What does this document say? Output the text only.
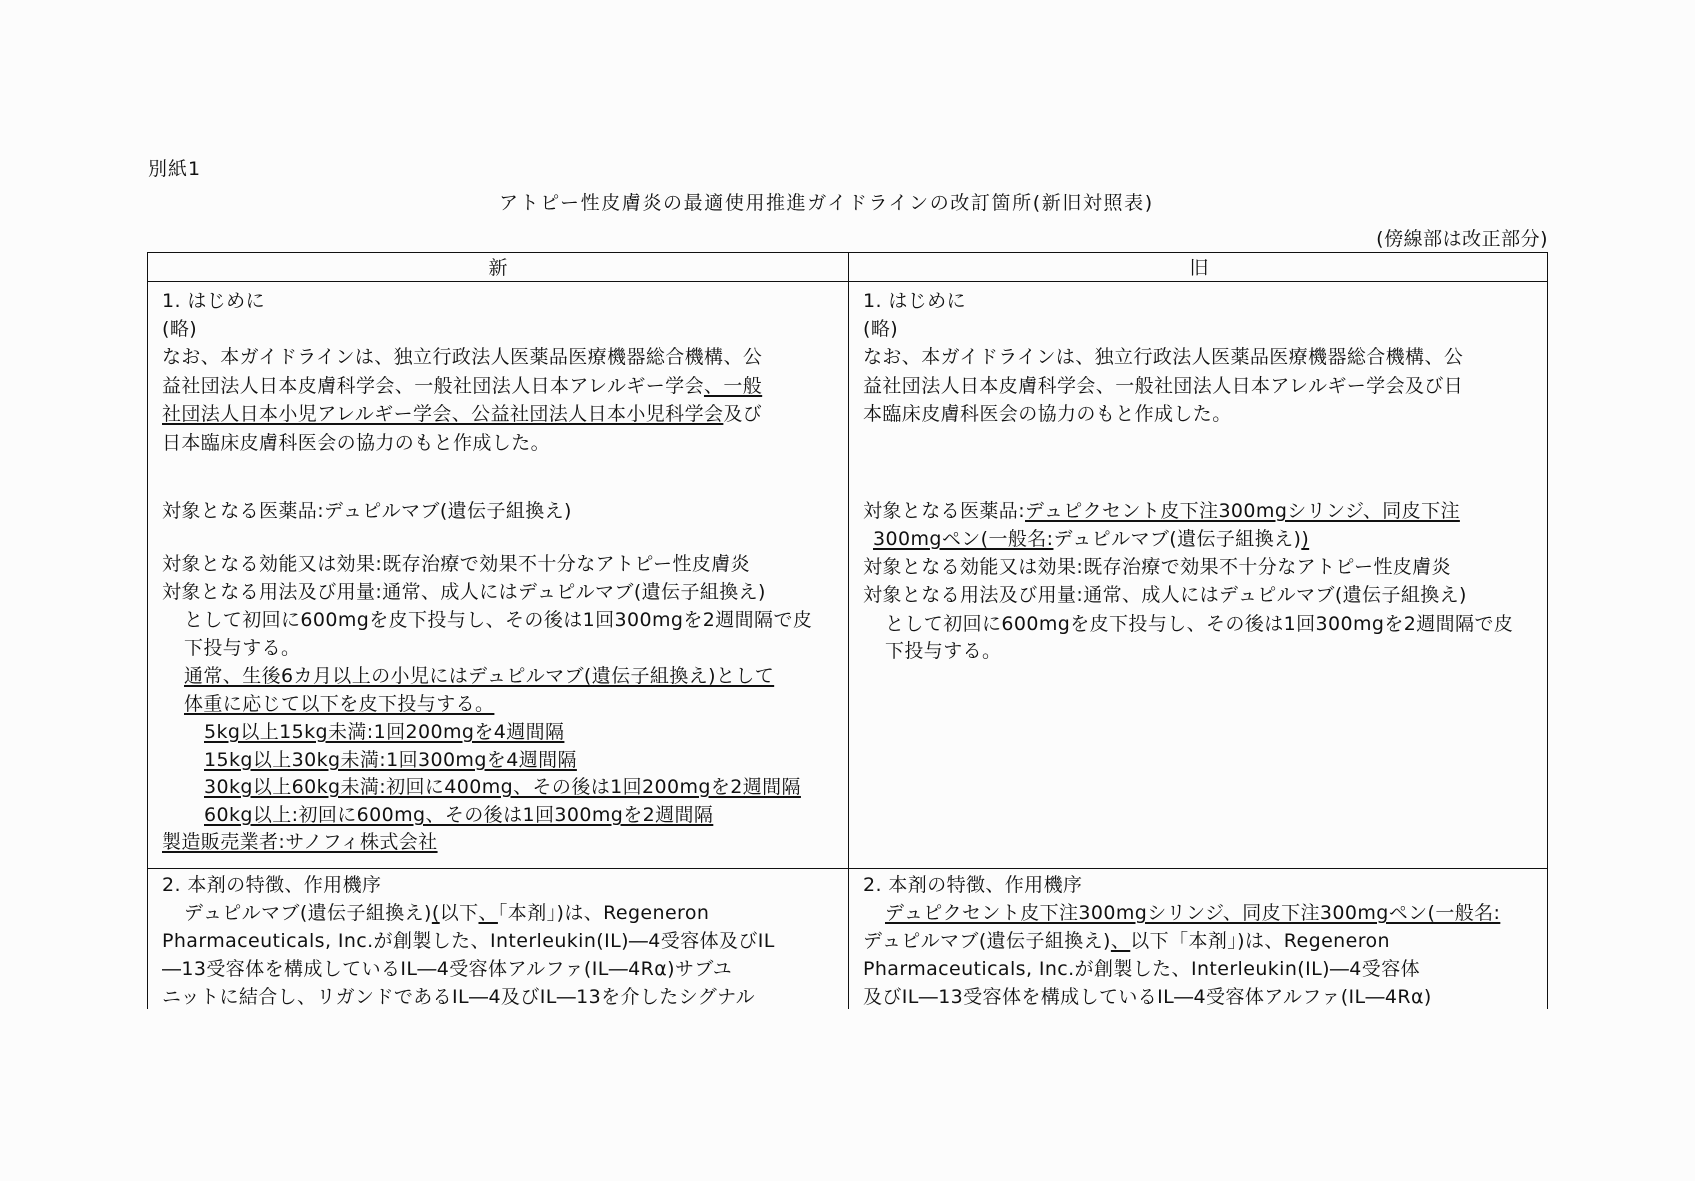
別紙1
アトピー性皮膚炎の最適使用推進ガイドラインの改訂箇所(新旧対照表)
(傍線部は改正部分)
新	旧
1. はじめに
(略)
なお、本ガイドラインは、独立行政法人医薬品医療機器総合機構、公
益社団法人日本皮膚科学会、一般社団法人日本アレルギー学会、一般
社団法人日本小児アレルギー学会、公益社団法人日本小児科学会及び
日本臨床皮膚科医会の協力のもと作成した。
対象となる医薬品:デュピルマブ(遺伝子組換え)
対象となる効能又は効果:既存治療で効果不十分なアトピー性皮膚炎
対象となる用法及び用量:通常、成人にはデュピルマブ(遺伝子組換え)
として初回に600mgを皮下投与し、その後は1回300mgを2週間隔で皮
下投与する。
通常、生後6カ月以上の小児にはデュピルマブ(遺伝子組換え)として
体重に応じて以下を皮下投与する。
5kg以上15kg未満:1回200mgを4週間隔
15kg以上30kg未満:1回300mgを4週間隔
30kg以上60kg未満:初回に400mg、その後は1回200mgを2週間隔
60kg以上:初回に600mg、その後は1回300mgを2週間隔
製造販売業者:サノフィ株式会社
1. はじめに
(略)
なお、本ガイドラインは、独立行政法人医薬品医療機器総合機構、公
益社団法人日本皮膚科学会、一般社団法人日本アレルギー学会及び日
本臨床皮膚科医会の協力のもと作成した。
対象となる医薬品:デュピクセント皮下注300mgシリンジ、同皮下注
300mgペン(一般名:デュピルマブ(遺伝子組換え))
対象となる効能又は効果:既存治療で効果不十分なアトピー性皮膚炎
対象となる用法及び用量:通常、成人にはデュピルマブ(遺伝子組換え)
として初回に600mgを皮下投与し、その後は1回300mgを2週間隔で皮
下投与する。
2. 本剤の特徴、作用機序
デュピルマブ(遺伝子組換え)(以下、「本剤」)は、Regeneron
Pharmaceuticals, Inc.が創製した、Interleukin(IL)―4受容体及びIL
―13受容体を構成しているIL―4受容体アルファ(IL―4Rα)サブユ
ニットに結合し、リガンドであるIL―4及びIL―13を介したシグナル
2. 本剤の特徴、作用機序
デュピクセント皮下注300mgシリンジ、同皮下注300mgペン(一般名:
デュピルマブ(遺伝子組換え)、以下「本剤」)は、Regeneron
Pharmaceuticals, Inc.が創製した、Interleukin(IL)―4受容体
及びIL―13受容体を構成しているIL―4受容体アルファ(IL―4Rα)
